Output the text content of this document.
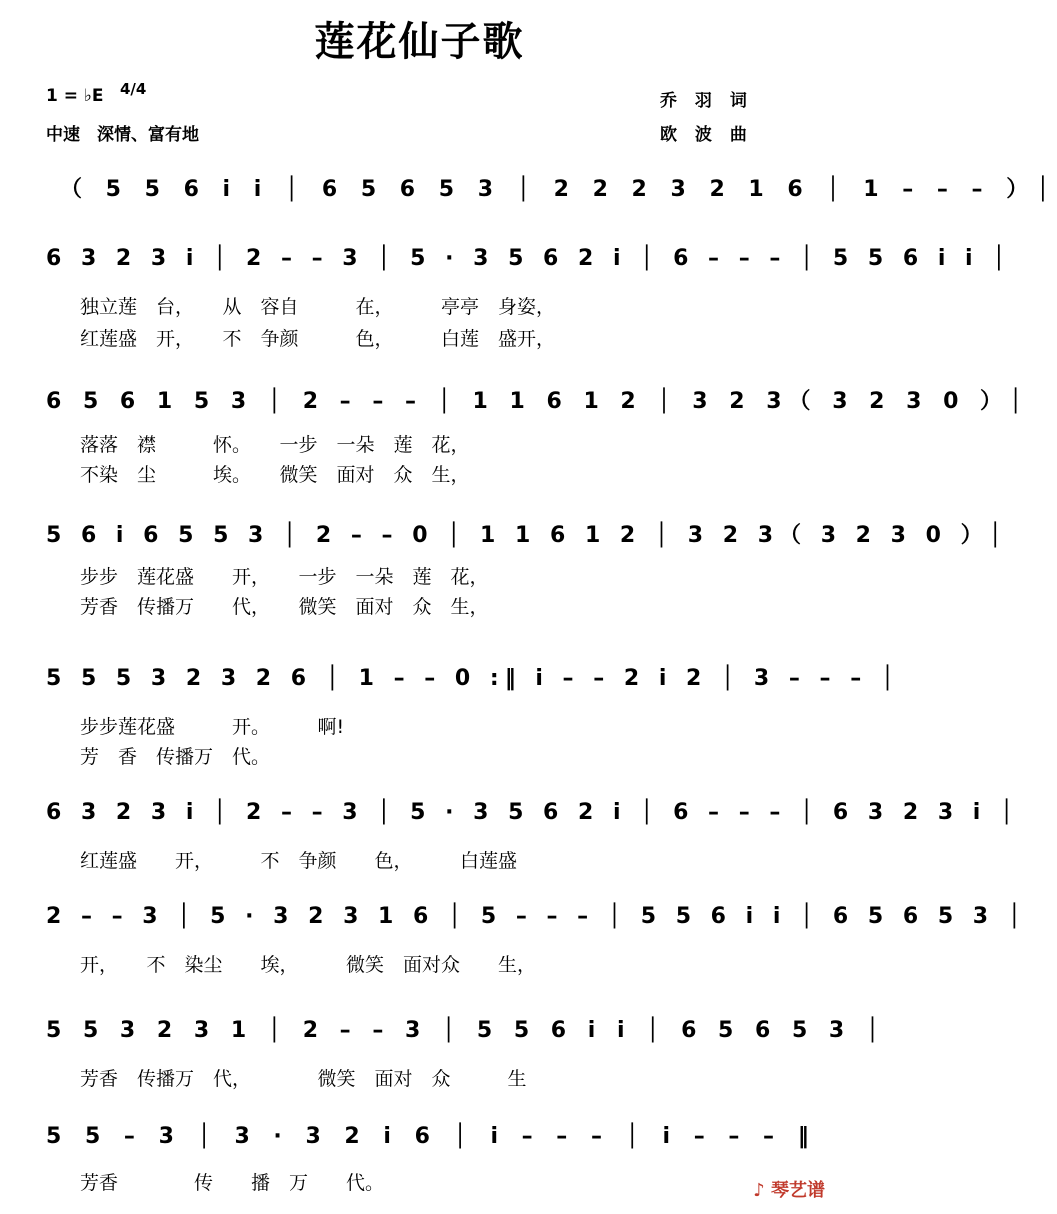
莲花仙子歌
1 = ♭E 4/4
中速　深情、富有地
乔 羽 词
欧 波 曲
（ 5 5 6 i i │ 6 5 6 5 3 │ 2 2 2 3 2 1 6 │ 1 – – – ）│
6 3 2 3 i │ 2 – – 3 │ 5 · 3 5 6 2 i │ 6 – – – │ 5 5 6 i i │
独立莲　台，　　从　容自　　　在，　　　亭亭　身姿，
红莲盛　开，　　不　争颜　　　色，　　　白莲　盛开，
6 5 6 1 5 3 │ 2 – – – │ 1 1 6 1 2 │ 3 2 3（ 3 2 3 0 ）│
落落　襟　　　怀。　　一步　一朵　莲　花，
不染　尘　　　埃。　　微笑　面对　众　生，
5 6 i 6 5 5 3 │ 2 – – 0 │ 1 1 6 1 2 │ 3 2 3（ 3 2 3 0 ）│
步步　莲花盛　　开，　　一步　一朵　莲　花，
芳香　传播万　　代，　　微笑　面对　众　生，
5 5 5 3 2 3 2 6 │ 1 – – 0 :‖ i – – 2 i 2 │ 3 – – – │
步步莲花盛　　　开。　　　啊!
芳　香　传播万　代。
6 3 2 3 i │ 2 – – 3 │ 5 · 3 5 6 2 i │ 6 – – – │ 6 3 2 3 i │
红莲盛　　开，　　　不　争颜　　色，　　　白莲盛
2 – – 3 │ 5 · 3 2 3 1 6 │ 5 – – – │ 5 5 6 i i │ 6 5 6 5 3 │
开，　　不　染尘　　埃，　　　微笑　面对众　　生，
5 5 3 2 3 1 │ 2 – – 3 │ 5 5 6 i i │ 6 5 6 5 3 │
芳香　传播万　代，　　　　微笑　面对　众　　　生
5 5 – 3 │ 3 · 3 2 i 6 │ i – – – │ i – – – ‖
芳香　　　　传　　播　万　　代。	♪ 琴艺谱
